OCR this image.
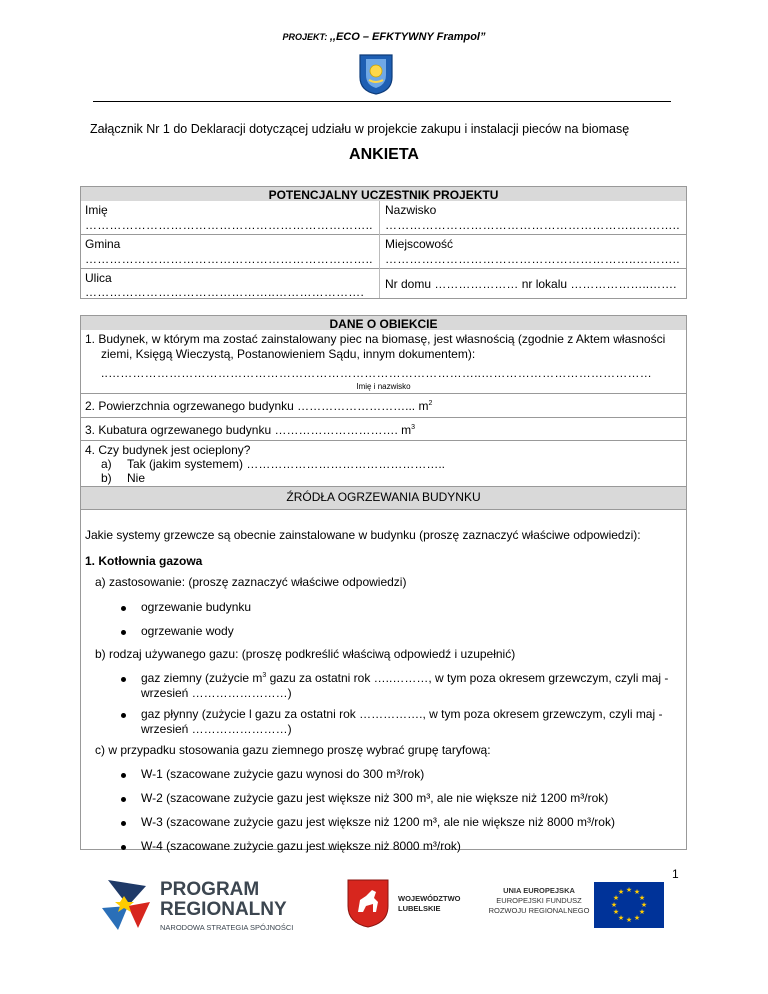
PROJEKT: ,,ECO – EFKTYWNY Frampol”
Załącznik Nr 1 do Deklaracji dotyczącej udziału w projekcie zakupu i instalacji pieców na biomasę
ANKIETA
POTENCJALNY UCZESTNIK PROJEKTU
Imię
……………………………………………………………..
Nazwisko
……………………………………………………..………..
Gmina
……………………………………………………………..
Miejscowość
……………………………………………………..………..
Ulica
………………………………………..………………….
Nr domu ………………… nr lokalu ………………..…….
DANE O OBIEKCIE
1. Budynek, w którym ma zostać zainstalowany piec na biomasę, jest własnością (zgodnie z Aktem własności
ziemi, Księgą Wieczystą, Postanowieniem Sądu, innym dokumentem):
..………………………………………………………………………………..……………………………………
Imię i nazwisko
2. Powierzchnia ogrzewanego budynku ………………………... $m^2$
3. Kubatura ogrzewanego budynku …………………………. $m^3$
4. Czy budynek jest ocieplony?
a) Tak (jakim systemem) …………………………………………..
b) Nie
ŹRÓDŁA OGRZEWANIA BUDYNKU
Jakie systemy grzewcze są obecnie zainstalowane w budynku (proszę zaznaczyć właściwe odpowiedzi):
1. Kotłownia gazowa
a) zastosowanie: (proszę zaznaczyć właściwe odpowiedzi)
ogrzewanie budynku
ogrzewanie wody
b) rodzaj używanego gazu: (proszę podkreślić właściwą odpowiedź i uzupełnić)
gaz ziemny (zużycie $m^3$ gazu za ostatni rok …..………, w tym poza okresem grzewczym, czyli maj -
wrzesień ……………………)
gaz płynny (zużycie l gazu za ostatni rok ……………., w tym poza okresem grzewczym, czyli maj -
wrzesień ……………………)
c) w przypadku stosowania gazu ziemnego proszę wybrać grupę taryfową:
W-1 (szacowane zużycie gazu wynosi do 300 m³/rok)
W-2 (szacowane zużycie gazu jest większe niż 300 m³, ale nie większe niż 1200 m³/rok)
W-3 (szacowane zużycie gazu jest większe niż 1200 m³, ale nie większe niż 8000 m³/rok)
W-4 (szacowane zużycie gazu jest większe niż 8000 m³/rok)
1
PROGRAM
REGIONALNY
NARODOWA STRATEGIA SPÓJNOŚCI
WOJEWÓDZTWO
LUBELSKIE
UNIA EUROPEJSKA
EUROPEJSKI FUNDUSZ
ROZWOJU REGIONALNEGO
★ ★
★
★
★
★
★
★
★
★
★
★
